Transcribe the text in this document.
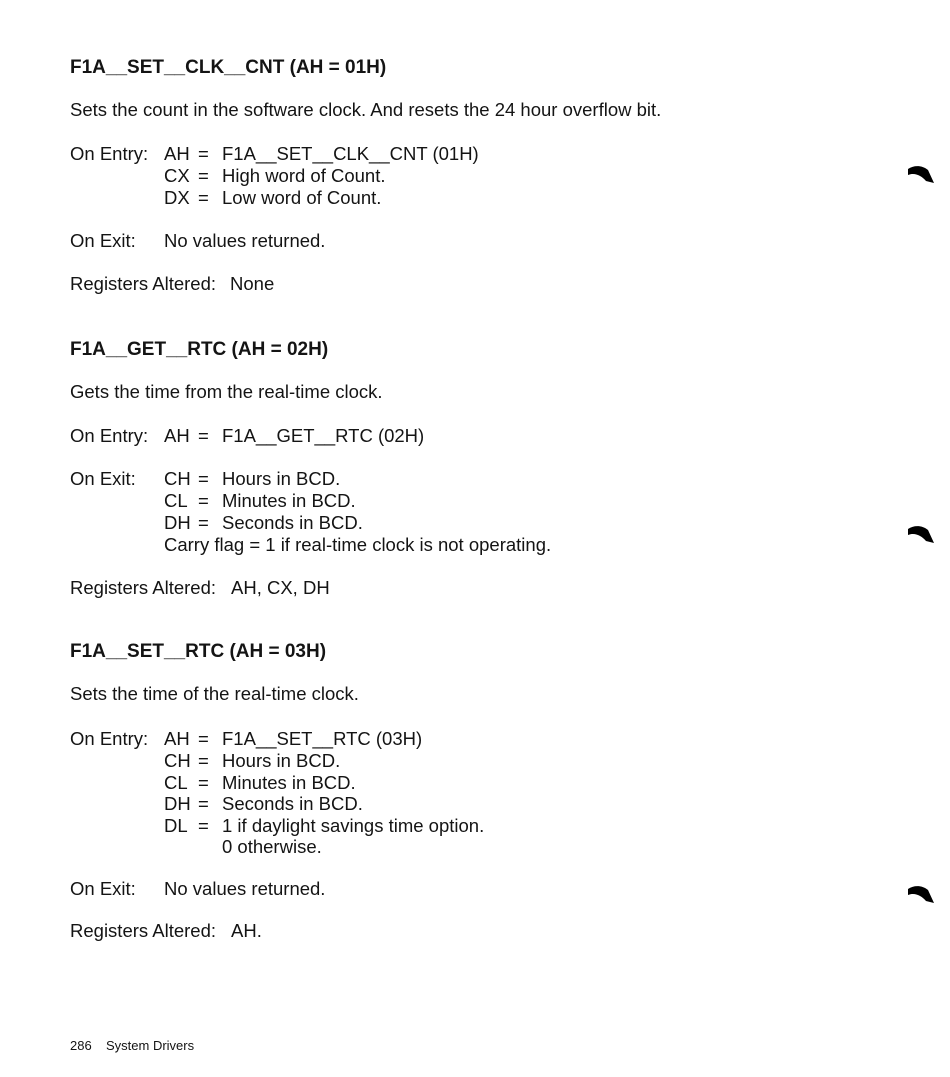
F1A__SET__CLK__CNT (AH = 01H)
Sets the count in the software clock. And resets the 24 hour overflow bit.
On Entry: AH = F1A__SET__CLK__CNT (01H)
CX = High word of Count.
DX = Low word of Count.
On Exit: No values returned.
Registers Altered: None
F1A__GET__RTC (AH = 02H)
Gets the time from the real-time clock.
On Entry: AH = F1A__GET__RTC (02H)
On Exit: CH = Hours in BCD.
CL = Minutes in BCD.
DH = Seconds in BCD.
Carry flag = 1 if real-time clock is not operating.
Registers Altered: AH, CX, DH
F1A__SET__RTC (AH = 03H)
Sets the time of the real-time clock.
On Entry: AH = F1A__SET__RTC (03H)
CH = Hours in BCD.
CL = Minutes in BCD.
DH = Seconds in BCD.
DL = 1 if daylight savings time option.
0 otherwise.
On Exit: No values returned.
Registers Altered: AH.
286 System Drivers
